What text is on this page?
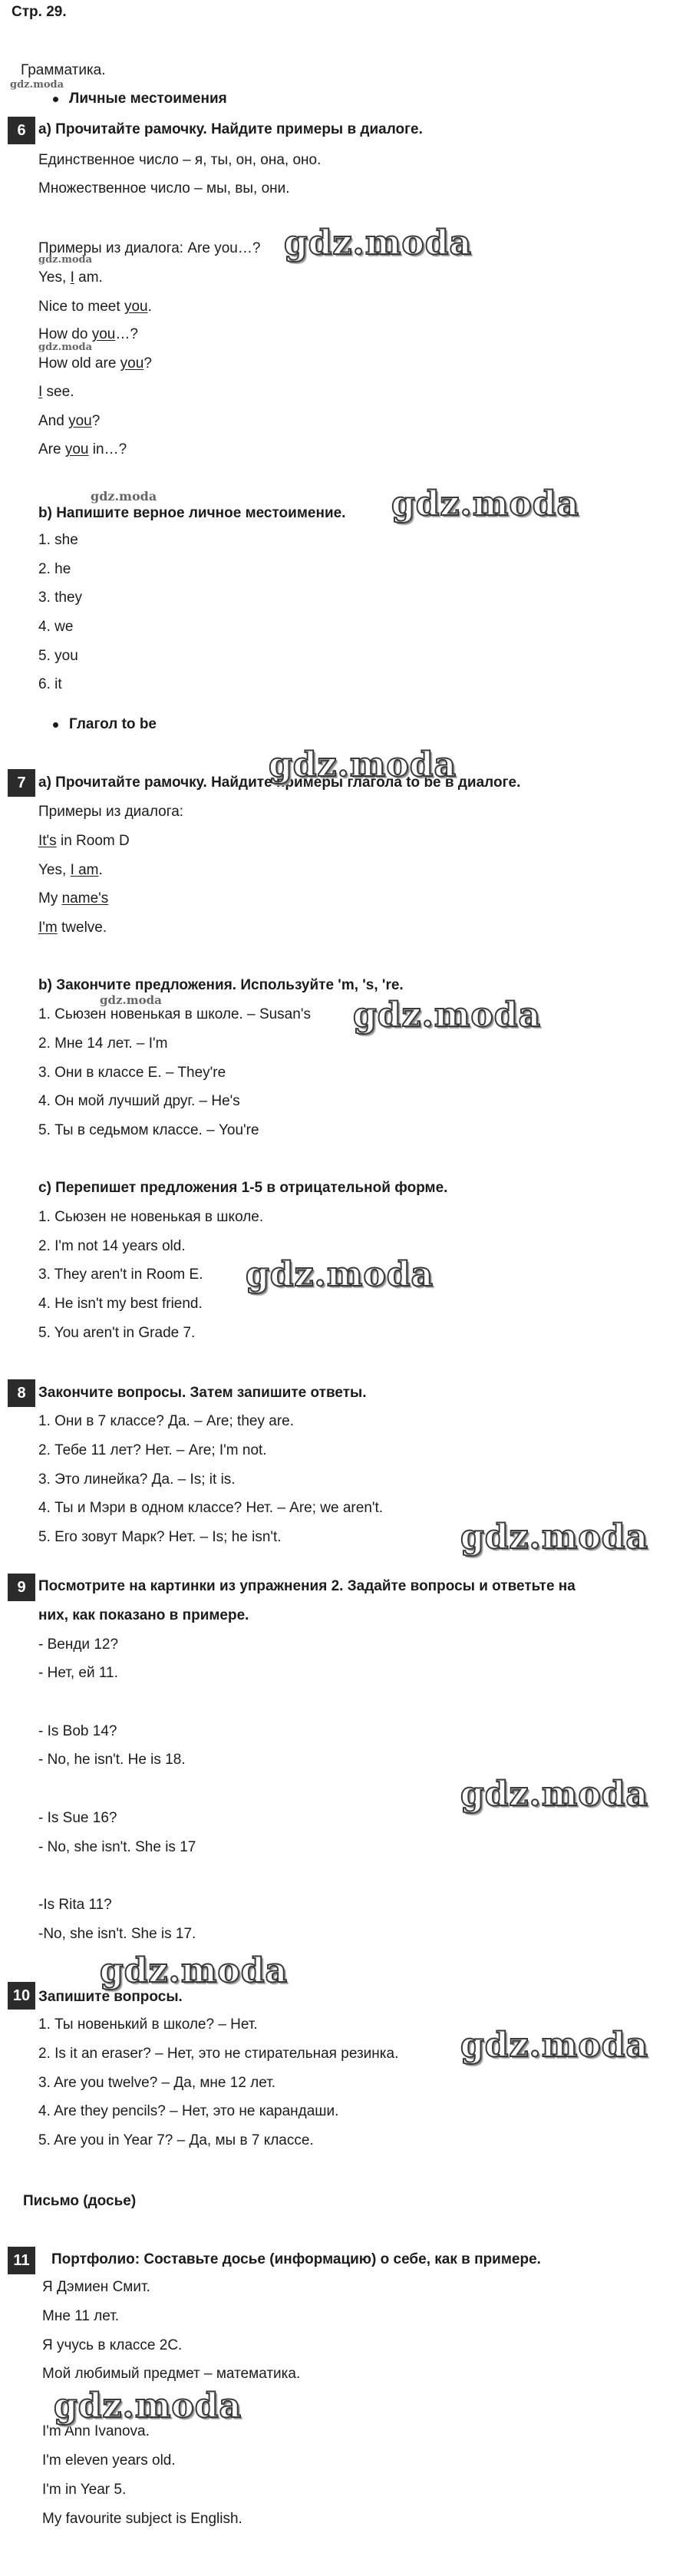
Стр. 29.
Грамматика.
gdz.moda
Личные местоимения
6 a) Прочитайте рамочку. Найдите примеры в диалоге.
Единственное число – я, ты, он, она, оно.
Множественное число – мы, вы, они.
Примеры из диалога: Are you…?
gdz.moda
Yes, I am.
Nice to meet you.
How do you…?
gdz.moda
How old are you?
I see.
And you?
Are you in…?
gdz.moda
b) Напишите верное личное местоимение.
1. she
2. he
3. they
4. we
5. you
6. it
Глагол to be
7 a) Прочитайте рамочку. Найдите примеры глагола to be в диалоге.
Примеры из диалога:
It's in Room D
Yes, I am.
My name's
I'm twelve.
b) Закончите предложения. Используйте 'm, 's, 're.
gdz.moda
1. Сьюзен новенькая в школе. – Susan's
2. Мне 14 лет. – I'm
3. Они в классе E. – They're
4. Он мой лучший друг. – He's
5. Ты в седьмом классе. – You're
c) Перепишет предложения 1-5 в отрицательной форме.
1. Сьюзен не новенькая в школе.
2. I'm not 14 years old.
3. They aren't in Room E.
4. He isn't my best friend.
5. You aren't in Grade 7.
8 Закончите вопросы. Затем запишите ответы.
1. Они в 7 классе? Да. – Are; they are.
2. Тебе 11 лет? Нет. – Are; I'm not.
3. Это линейка? Да. – Is; it is.
4. Ты и Мэри в одном классе? Нет. – Are; we aren't.
5. Его зовут Марк? Нет. – Is; he isn't.
9 Посмотрите на картинки из упражнения 2. Задайте вопросы и ответьте на
них, как показано в примере.
- Венди 12?
- Нет, ей 11.
- Is Bob 14?
- No, he isn't. He is 18.
- Is Sue 16?
- No, she isn't. She is 17
-Is Rita 11?
-No, she isn't. She is 17.
10 Запишите вопросы.
1. Ты новенький в школе? – Нет.
2. Is it an eraser? – Нет, это не стирательная резинка.
3. Are you twelve? – Да, мне 12 лет.
4. Are they pencils? – Нет, это не карандаши.
5. Are you in Year 7? – Да, мы в 7 классе.
Письмо (досье)
11	Портфолио: Составьте досье (информацию) о себе, как в примере.
Я Дэмиен Смит.
Мне 11 лет.
Я учусь в классе 2С.
Мой любимый предмет – математика.
I'm Ann Ivanova.
I'm eleven years old.
I'm in Year 5.
My favourite subject is English.
gdz.moda
gdz.moda
gdz.moda
gdz.moda
gdz.moda
gdz.moda
gdz.moda
gdz.moda
gdz.moda
gdz.moda
